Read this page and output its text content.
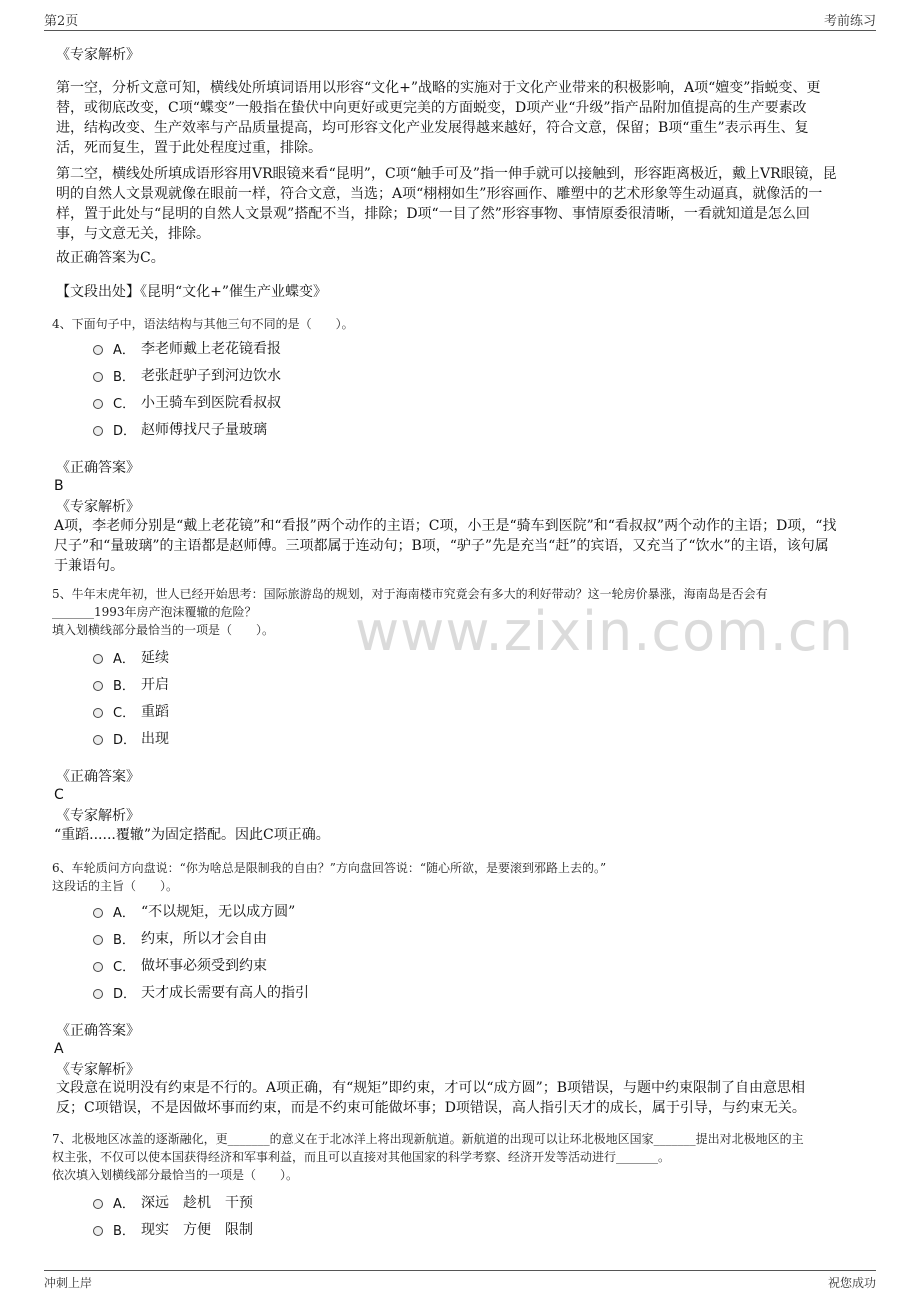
第2页	考前练习
冲刺上岸	祝您成功
www.zixin.com.cn
《专家解析》
第一空，分析文意可知，横线处所填词语用以形容“文化+”战略的实施对于文化产业带来的积极影响，A项“嬗变”指蜕变、更
替，或彻底改变，C项“蝶变”一般指在蛰伏中向更好或更完美的方面蜕变，D项产业“升级”指产品附加值提高的生产要素改
进，结构改变、生产效率与产品质量提高，均可形容文化产业发展得越来越好，符合文意，保留；B项“重生”表示再生、复
活，死而复生，置于此处程度过重，排除。
第二空，横线处所填成语形容用VR眼镜来看“昆明”，C项“触手可及”指一伸手就可以接触到，形容距离极近，戴上VR眼镜，昆
明的自然人文景观就像在眼前一样，符合文意，当选；A项“栩栩如生”形容画作、雕塑中的艺术形象等生动逼真，就像活的一
样，置于此处与“昆明的自然人文景观”搭配不当，排除；D项“一目了然”形容事物、事情原委很清晰，一看就知道是怎么回
事，与文意无关，排除。
故正确答案为C。
【文段出处】《昆明“文化+”催生产业蝶变》
4、下面句子中，语法结构与其他三句不同的是（　　）。
A． 李老师戴上老花镜看报
B． 老张赶驴子到河边饮水
C． 小王骑车到医院看叔叔
D． 赵师傅找尺子量玻璃
《正确答案》
B
《专家解析》
A项，李老师分别是“戴上老花镜”和“看报”两个动作的主语；C项，小王是“骑车到医院”和“看叔叔”两个动作的主语；D项，“找
尺子”和“量玻璃”的主语都是赵师傅。三项都属于连动句；B项，“驴子”先是充当“赶”的宾语，又充当了“饮水”的主语，该句属
于兼语句。
5、牛年末虎年初，世人已经开始思考：国际旅游岛的规划，对于海南楼市究竟会有多大的利好带动？这一轮房价暴涨，海南岛是否会有
_______1993年房产泡沫覆辙的危险？
填入划横线部分最恰当的一项是（　　）。
A． 延续
B． 开启
C． 重蹈
D． 出现
《正确答案》
C
《专家解析》
“重蹈......覆辙”为固定搭配。因此C项正确。
6、车轮质问方向盘说：“你为啥总是限制我的自由？”方向盘回答说：“随心所欲，是要滚到邪路上去的。”
这段话的主旨（　　）。
A． “不以规矩，无以成方圆”
B． 约束，所以才会自由
C． 做坏事必须受到约束
D． 天才成长需要有高人的指引
《正确答案》
A
《专家解析》
文段意在说明没有约束是不行的。A项正确，有“规矩”即约束，才可以“成方圆”；B项错误，与题中约束限制了自由意思相
反；C项错误，不是因做坏事而约束，而是不约束可能做坏事；D项错误，高人指引天才的成长，属于引导，与约束无关。
7、北极地区冰盖的逐渐融化，更_______的意义在于北冰洋上将出现新航道。新航道的出现可以让环北极地区国家_______提出对北极地区的主
权主张，不仅可以使本国获得经济和军事利益，而且可以直接对其他国家的科学考察、经济开发等活动进行_______。
依次填入划横线部分最恰当的一项是（　　）。
A． 深远　趁机　干预
B． 现实　方便　限制
